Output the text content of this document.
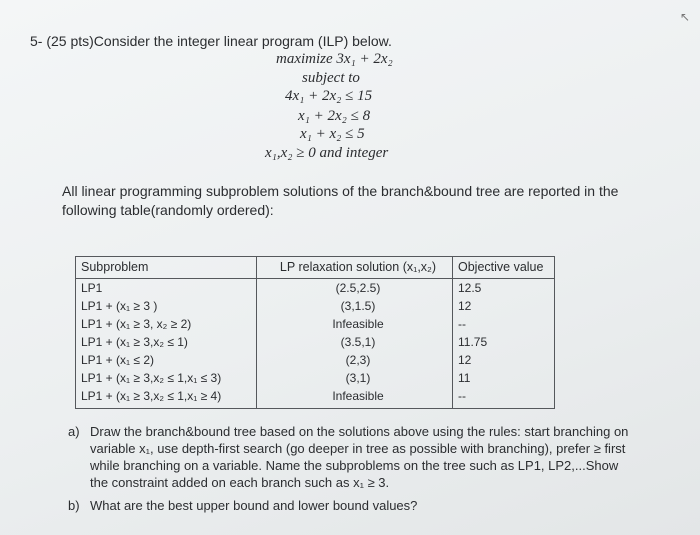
5- (25 pts)Consider the integer linear program (ILP) below.
maximize 3x₁ + 2x₂
subject to
4x₁ + 2x₂ ≤ 15
x₁ + 2x₂ ≤ 8
x₁ + x₂ ≤ 5
x₁,x₂ ≥ 0 and integer
All linear programming subproblem solutions of the branch&bound tree are reported in the following table(randomly ordered):
Subproblem	LP relaxation solution (x₁,x₂)	Objective value
LP1	(2.5,2.5)	12.5
LP1 + (x₁ ≥ 3 )	(3,1.5)	12
LP1 + (x₁ ≥ 3, x₂ ≥ 2)	Infeasible	--
LP1 + (x₁ ≥ 3,x₂ ≤ 1)	(3.5,1)	11.75
LP1 + (x₁ ≤ 2)	(2,3)	12
LP1 + (x₁ ≥ 3,x₂ ≤ 1,x₁ ≤ 3)	(3,1)	11
LP1 + (x₁ ≥ 3,x₂ ≤ 1,x₁ ≥ 4)	Infeasible	--
a) Draw the branch&bound tree based on the solutions above using the rules: start branching on variable x₁, use depth-first search (go deeper in tree as possible with branching), prefer ≥ first while branching on a variable. Name the subproblems on the tree such as LP1, LP2,...Show the constraint added on each branch such as x₁ ≥ 3.
b) What are the best upper bound and lower bound values?
↖
